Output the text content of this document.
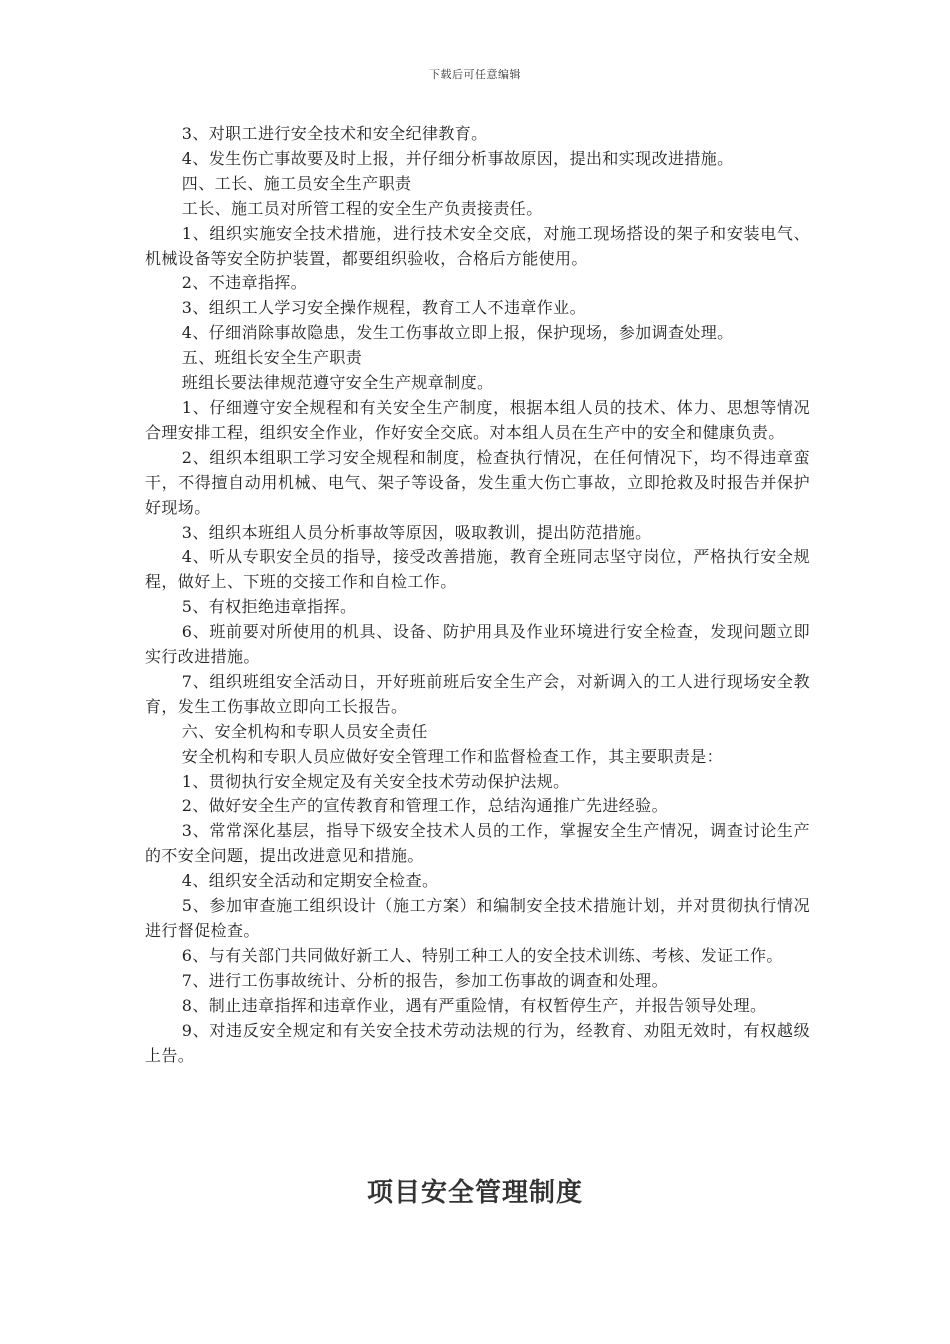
下载后可任意编辑

3、对职工进行安全技术和安全纪律教育。

4、发生伤亡事故要及时上报，并仔细分析事故原因，提出和实现改进措施。

四、工长、施工员安全生产职责

工长、施工员对所管工程的安全生产负责接责任。

1、组织实施安全技术措施，进行技术安全交底，对施工现场搭设的架子和安装电气、机械设备等安全防护装置，都要组织验收，合格后方能使用。

2、不违章指挥。

3、组织工人学习安全操作规程，教育工人不违章作业。

4、仔细消除事故隐患，发生工伤事故立即上报，保护现场，参加调查处理。

五、班组长安全生产职责

班组长要法律规范遵守安全生产规章制度。

1、仔细遵守安全规程和有关安全生产制度，根据本组人员的技术、体力、思想等情况合理安排工程，组织安全作业，作好安全交底。对本组人员在生产中的安全和健康负责。

2、组织本组职工学习安全规程和制度，检查执行情况，在任何情况下，均不得违章蛮干，不得擅自动用机械、电气、架子等设备，发生重大伤亡事故，立即抢救及时报告并保护好现场。

3、组织本班组人员分析事故等原因，吸取教训，提出防范措施。

4、听从专职安全员的指导，接受改善措施，教育全班同志坚守岗位，严格执行安全规程，做好上、下班的交接工作和自检工作。

5、有权拒绝违章指挥。

6、班前要对所使用的机具、设备、防护用具及作业环境进行安全检查，发现问题立即实行改进措施。

7、组织班组安全活动日，开好班前班后安全生产会，对新调入的工人进行现场安全教育，发生工伤事故立即向工长报告。

六、安全机构和专职人员安全责任

安全机构和专职人员应做好安全管理工作和监督检查工作，其主要职责是：

1、贯彻执行安全规定及有关安全技术劳动保护法规。

2、做好安全生产的宣传教育和管理工作，总结沟通推广先进经验。

3、常常深化基层，指导下级安全技术人员的工作，掌握安全生产情况，调查讨论生产的不安全问题，提出改进意见和措施。

4、组织安全活动和定期安全检查。

5、参加审查施工组织设计（施工方案）和编制安全技术措施计划，并对贯彻执行情况进行督促检查。

6、与有关部门共同做好新工人、特别工种工人的安全技术训练、考核、发证工作。

7、进行工伤事故统计、分析的报告，参加工伤事故的调查和处理。

8、制止违章指挥和违章作业，遇有严重险情，有权暂停生产，并报告领导处理。

9、对违反安全规定和有关安全技术劳动法规的行为，经教育、劝阻无效时，有权越级上告。

项目安全管理制度
